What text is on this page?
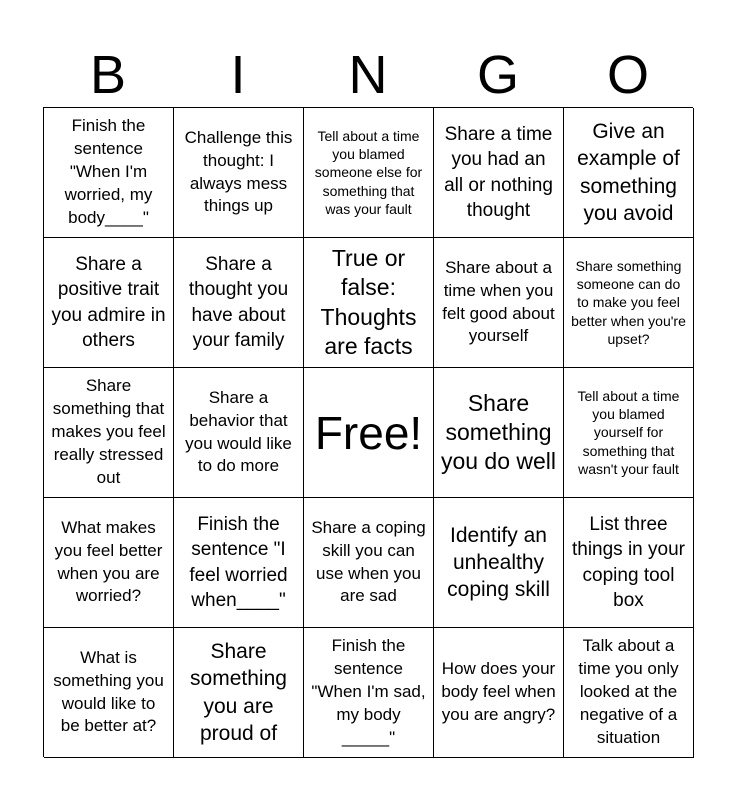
B	I	N	G	O
Finish the sentence "When I'm worried, my body____"
Challenge this thought: I always mess things up
Tell about a time you blamed someone else for something that was your fault
Share a time you had an all or nothing thought
Give an example of something you avoid
Share a positive trait you admire in others
Share a thought you have about your family
True or false: Thoughts are facts
Share about a time when you felt good about yourself
Share something someone can do to make you feel better when you're upset?
Share something that makes you feel really stressed out
Share a behavior that you would like to do more
Free!
Share something you do well
Tell about a time you blamed yourself for something that wasn't your fault
What makes you feel better when you are worried?
Finish the sentence "I feel worried when____"
Share a coping skill you can use when you are sad
Identify an unhealthy coping skill
List three things in your coping tool box
What is something you would like to be better at?
Share something you are proud of
Finish the sentence "When I'm sad, my body _____"
How does your body feel when you are angry?
Talk about a time you only looked at the negative of a situation
